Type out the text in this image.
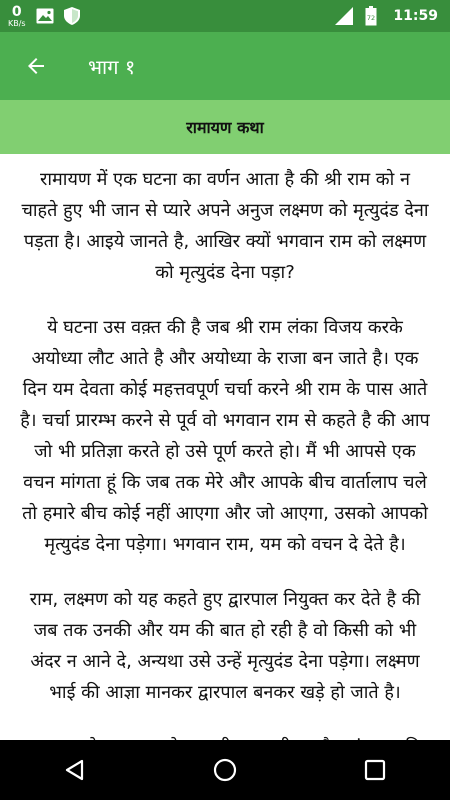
0
KB/s
72 11:59
भाग १
रामायण कथा

रामायण में एक घटना का वर्णन आता है की श्री राम को न चाहते हुए भी जान से प्यारे अपने अनुज लक्ष्मण को मृत्युदंड देना पड़ता है। आइये जानते है, आखिर क्यों भगवान राम को लक्ष्मण को मृत्युदंड देना पड़ा?

ये घटना उस वक़्त की है जब श्री राम लंका विजय करके अयोध्या लौट आते है और अयोध्या के राजा बन जाते है। एक दिन यम देवता कोई महत्तवपूर्ण चर्चा करने श्री राम के पास आते है। चर्चा प्रारम्भ करने से पूर्व वो भगवान राम से कहते है की आप जो भी प्रतिज्ञा करते हो उसे पूर्ण करते हो। मैं भी आपसे एक वचन मांगता हूं कि जब तक मेरे और आपके बीच वार्तालाप चले तो हमारे बीच कोई नहीं आएगा और जो आएगा, उसको आपको मृत्युदंड देना पड़ेगा। भगवान राम, यम को वचन दे देते है।

राम, लक्ष्मण को यह कहते हुए द्वारपाल नियुक्त कर देते है की जब तक उनकी और यम की बात हो रही है वो किसी को भी अंदर न आने दे, अन्यथा उसे उन्हें मृत्युदंड देना पड़ेगा। लक्ष्मण भाई की आज्ञा मानकर द्वारपाल बनकर खड़े हो जाते है।
